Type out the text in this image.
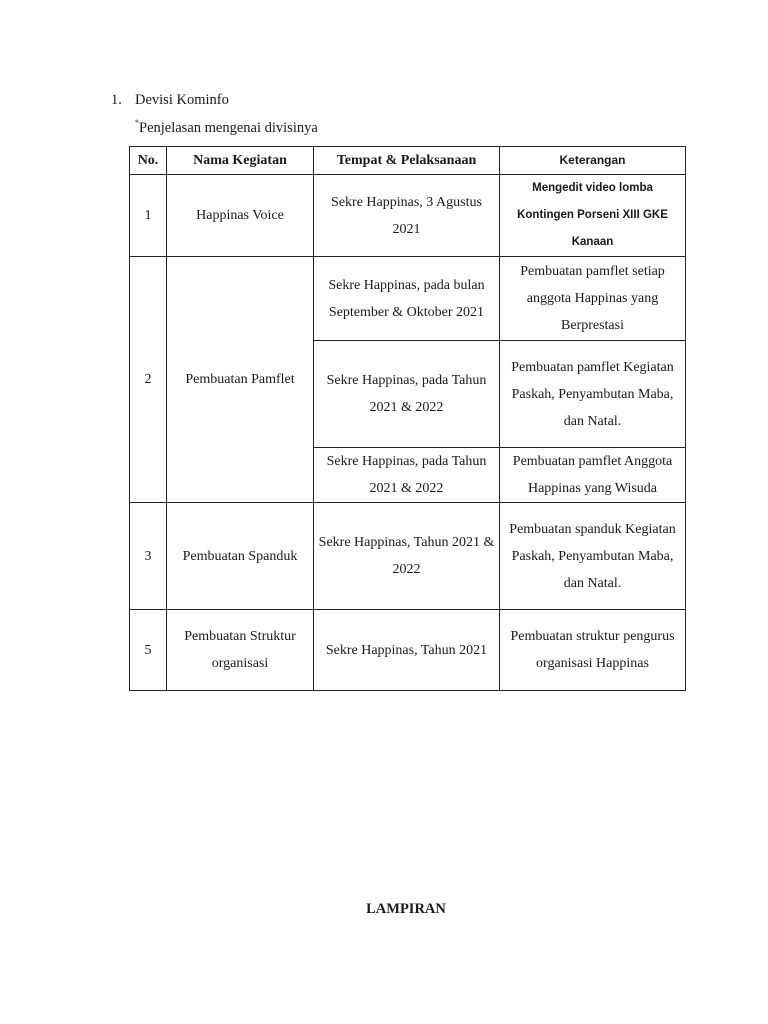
1. Devisi Kominfo
*Penjelasan mengenai divisinya
No.	Nama Kegiatan	Tempat & Pelaksanaan	Keterangan
1	Happinas Voice	Sekre Happinas, 3 Agustus 2021	Mengedit video lomba Kontingen Porseni XIII GKE Kanaan
2	Pembuatan Pamflet	Sekre Happinas, pada bulan September & Oktober 2021	Pembuatan pamflet setiap anggota Happinas yang Berprestasi
		Sekre Happinas, pada Tahun 2021 & 2022	Pembuatan pamflet Kegiatan Paskah, Penyambutan Maba, dan Natal.
		Sekre Happinas, pada Tahun 2021 & 2022	Pembuatan pamflet Anggota Happinas yang Wisuda
3	Pembuatan Spanduk	Sekre Happinas, Tahun 2021 & 2022	Pembuatan spanduk Kegiatan Paskah, Penyambutan Maba, dan Natal.
5	Pembuatan Struktur organisasi	Sekre Happinas, Tahun 2021	Pembuatan struktur pengurus organisasi Happinas
LAMPIRAN
